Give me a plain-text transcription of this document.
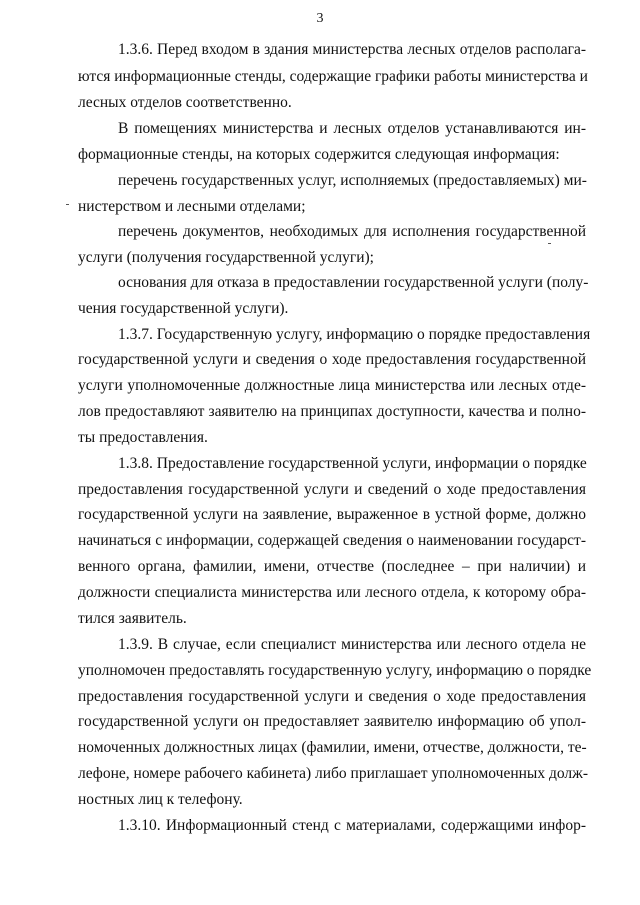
3
1.3.6. Перед входом в здания министерства лесных отделов располага-
ются информационные стенды, содержащие графики работы министерства и
лесных отделов соответственно.
В помещениях министерства и лесных отделов устанавливаются ин-
формационные стенды, на которых содержится следующая информация:
перечень государственных услуг, исполняемых (предоставляемых) ми-
нистерством и лесными отделами;
перечень документов, необходимых для исполнения государственной
услуги (получения государственной услуги);
основания для отказа в предоставлении государственной услуги (полу-
чения государственной услуги).
1.3.7. Государственную услугу, информацию о порядке предоставления
государственной услуги и сведения о ходе предоставления государственной
услуги уполномоченные должностные лица министерства или лесных отде-
лов предоставляют заявителю на принципах доступности, качества и полно-
ты предоставления.
1.3.8. Предоставление государственной услуги, информации о порядке
предоставления государственной услуги и сведений о ходе предоставления
государственной услуги на заявление, выраженное в устной форме, должно
начинаться с информации, содержащей сведения о наименовании государст-
венного органа, фамилии, имени, отчестве (последнее – при наличии) и
должности специалиста министерства или лесного отдела, к которому обра-
тился заявитель.
1.3.9. В случае, если специалист министерства или лесного отдела не
уполномочен предоставлять государственную услугу, информацию о порядке
предоставления государственной услуги и сведения о ходе предоставления
государственной услуги он предоставляет заявителю информацию об упол-
номоченных должностных лицах (фамилии, имени, отчестве, должности, те-
лефоне, номере рабочего кабинета) либо приглашает уполномоченных долж-
ностных лиц к телефону.
1.3.10. Информационный стенд с материалами, содержащими инфор-
